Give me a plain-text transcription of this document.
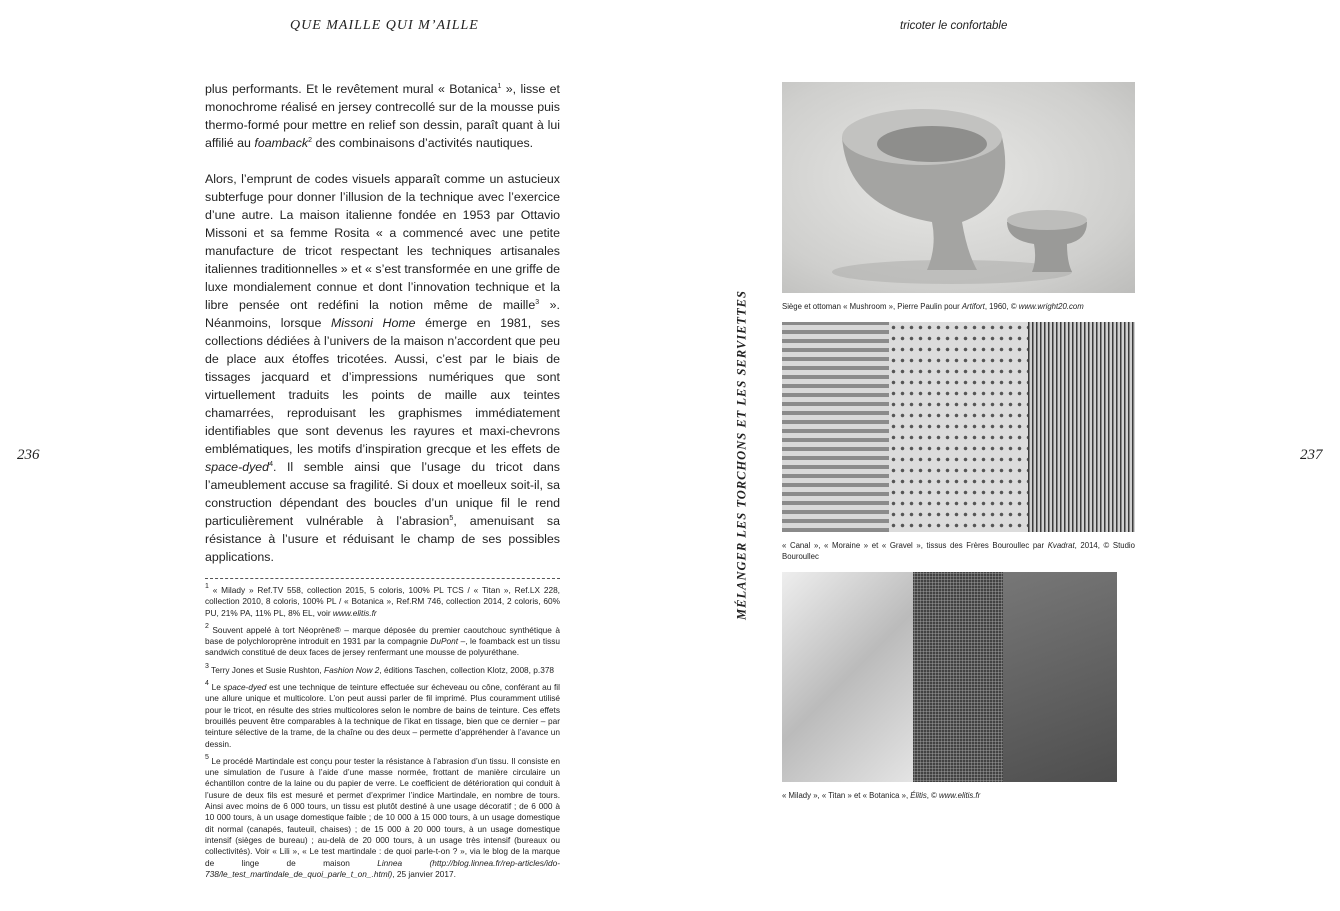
QUE MAILLE QUI M’AILLE	tricoter le confortable
236	237

plus performants. Et le revêtement mural « Botanica$^1$ », lisse et monochrome réalisé en jersey contrecollé sur de la mousse puis thermo-formé pour mettre en relief son dessin, paraît quant à lui affilié au foamback$^2$ des combinaisons d’activités nautiques.

Alors, l’emprunt de codes visuels apparaît comme un astucieux subterfuge pour donner l’illusion de la technique avec l’exercice d’une autre. La maison italienne fondée en 1953 par Ottavio Missoni et sa femme Rosita « a commencé avec une petite manufacture de tricot respectant les techniques artisanales italiennes traditionnelles » et « s’est transformée en une griffe de luxe mondialement connue et dont l’innovation technique et la libre pensée ont redéfini la notion même de maille$^3$ ». Néanmoins, lorsque Missoni Home émerge en 1981, ses collections dédiées à l’univers de la maison n’accordent que peu de place aux étoffes tricotées. Aussi, c’est par le biais de tissages jacquard et d’impressions numériques que sont virtuellement traduits les points de maille aux teintes chamarrées, reproduisant les graphismes immédiatement identifiables que sont devenus les rayures et maxi-chevrons emblématiques, les motifs d’inspiration grecque et les effets de space-dyed$^4$. Il semble ainsi que l’usage du tricot dans l’ameublement accuse sa fragilité. Si doux et moelleux soit-il, sa construction dépendant des boucles d’un unique fil le rend particulièrement vulnérable à l’abrasion$^5$, amenuisant sa résistance à l’usure et réduisant le champ de ses possibles applications.

$^1$ « Milady » Ref.TV 558, collection 2015, 5 coloris, 100% PL TCS / « Titan », Ref.LX 228, collection 2010, 8 coloris, 100% PL / « Botanica », Ref.RM 746, collection 2014, 2 coloris, 60% PU, 21% PA, 11% PL, 8% EL, voir www.elitis.fr

$^2$ Souvent appelé à tort Néoprène® – marque déposée du premier caoutchouc synthétique à base de polychloroprène introduit en 1931 par la compagnie DuPont –, le foamback est un tissu sandwich constitué de deux faces de jersey renfermant une mousse de polyuréthane.

$^3$ Terry Jones et Susie Rushton, Fashion Now 2, éditions Taschen, collection Klotz, 2008, p.378

$^4$ Le space-dyed est une technique de teinture effectuée sur écheveau ou cône, conférant au fil une allure unique et multicolore. L’on peut aussi parler de fil imprimé. Plus couramment utilisé pour le tricot, en résulte des stries multicolores selon le nombre de bains de teinture. Ces effets brouillés peuvent être comparables à la technique de l’ikat en tissage, bien que ce dernier – par teinture sélective de la trame, de la chaîne ou des deux – permette d’appréhender à l’avance un dessin.

$^5$ Le procédé Martindale est conçu pour tester la résistance à l’abrasion d’un tissu. Il consiste en une simulation de l’usure à l’aide d’une masse normée, frottant de manière circulaire un échantillon contre de la laine ou du papier de verre. Le coefficient de détérioration qui conduit à l’usure de deux fils est mesuré et permet d’exprimer l’indice Martindale, en nombre de tours. Ainsi avec moins de 6 000 tours, un tissu est plutôt destiné à une usage décoratif ; de 6 000 à 10 000 tours, à un usage domestique faible ; de 10 000 à 15 000 tours, à un usage domestique dit normal (canapés, fauteuil, chaises) ; de 15 000 à 20 000 tours, à un usage domestique intensif (sièges de bureau) ; au-delà de 20 000 tours, à un usage très intensif (bureaux ou collectivités). Voir « Lili », « Le test martindale : de quoi parle-t-on ? », via le blog de la marque de linge de maison Linnea (http://blog.linnea.fr/rep-articles/ido-738/le_test_martindale_de_quoi_parle_t_on_.html), 25 janvier 2017.

MÉLANGER LES TORCHONS ET LES SERVIETTES	Siège et ottoman « Mushroom », Pierre Paulin pour Artifort, 1960, © www.wright20.com
« Canal », « Moraine » et « Gravel », tissus des Frères Bouroullec par Kvadrat, 2014, © Studio Bouroullec
« Milady », « Titan » et « Botanica », Élitis, © www.elitis.fr
